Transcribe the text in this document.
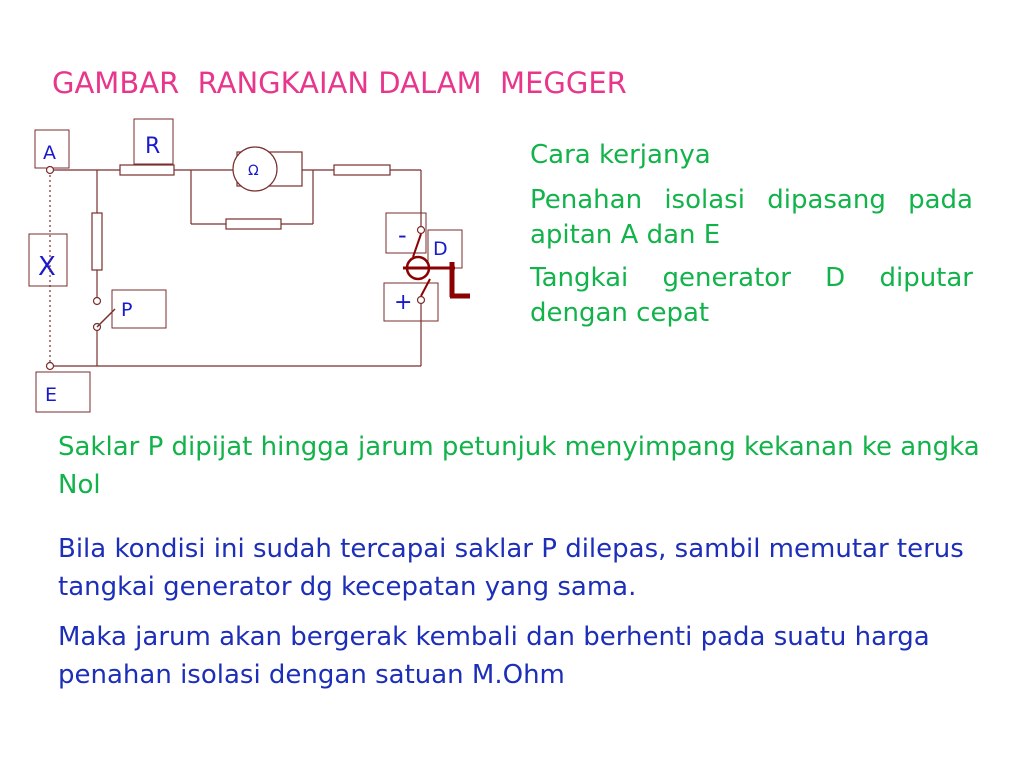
GAMBAR  RANGKAIAN DALAM  MEGGER
A	R
X
P
E
- D
+
Ω

Cara kerjanya

Penahan isolasi dipasang pada apitan A dan E

Tangkai generator D diputar dengan cepat

Saklar P dipijat hingga jarum petunjuk menyimpang kekanan ke angka Nol

Bila kondisi ini sudah tercapai saklar P dilepas, sambil memutar terus tangkai generator dg kecepatan yang sama.

Maka jarum akan bergerak kembali dan berhenti pada suatu harga penahan isolasi dengan satuan M.Ohm
